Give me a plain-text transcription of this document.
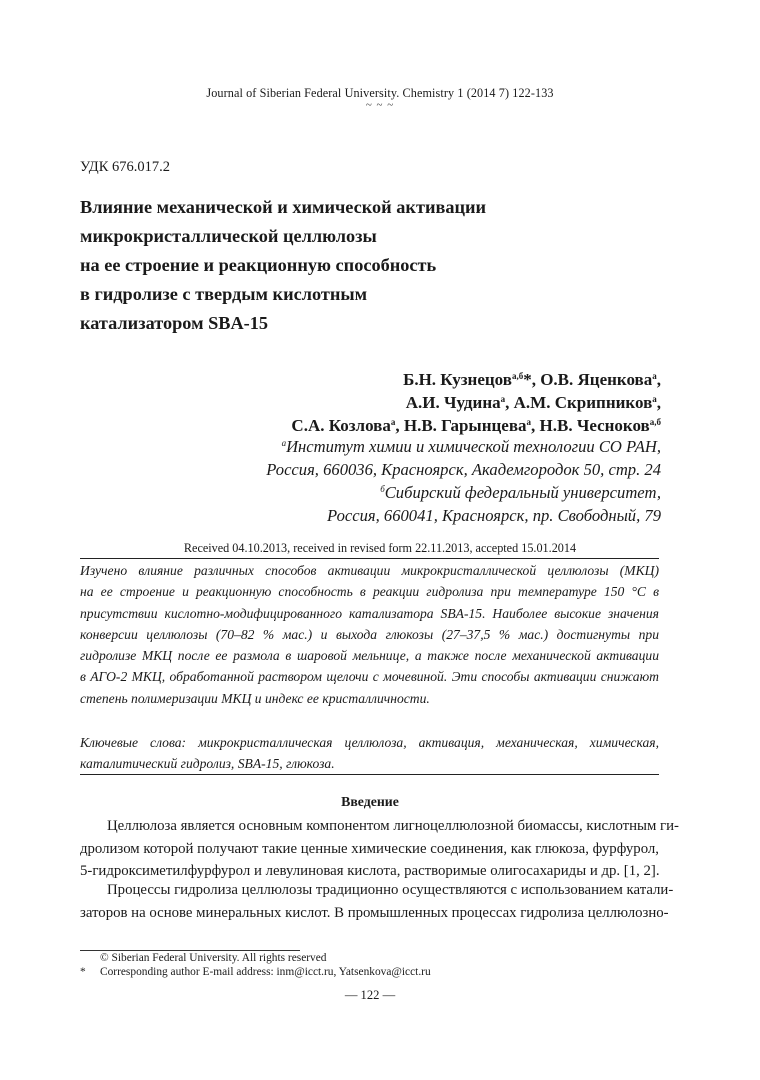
Journal of Siberian Federal University. Chemistry 1 (2014 7) 122-133
~ ~ ~
УДК 676.017.2
Влияние механической и химической активации
микрокристаллической целлюлозы
на ее строение и реакционную способность
в гидролизе с твердым кислотным
катализатором SBA-15
Б.Н. Кузнецов$^{а,б}$*, О.В. Яценкова$^а$,
А.И. Чудина$^а$, А.М. Скрипников$^а$,
С.А. Козлова$^а$, Н.В. Гарынцева$^а$, Н.В. Чесноков$^{а,б}$
$^а$Институт химии и химической технологии СО РАН,
Россия, 660036, Красноярск, Академгородок 50, стр. 24
$^б$Сибирский федеральный университет,
Россия, 660041, Красноярск, пр. Свободный, 79
Received 04.10.2013, received in revised form 22.11.2013, accepted 15.01.2014
Изучено влияние различных способов активации микрокристаллической целлюлозы (МКЦ)
на ее строение и реакционную способность в реакции гидролиза при температуре 150 °С в
присутствии кислотно-модифицированного катализатора SBA-15. Наиболее высокие значения
конверсии целлюлозы (70–82 % мас.) и выхода глюкозы (27–37,5 % мас.) достигнуты при
гидролизе МКЦ после ее размола в шаровой мельнице, а также после механической активации
в АГО-2 МКЦ, обработанной раствором щелочи с мочевиной. Эти способы активации снижают
степень полимеризации МКЦ и индекс ее кристалличности.
Ключевые слова: микрокристаллическая целлюлоза, активация, механическая, химическая,
каталитический гидролиз, SBA-15, глюкоза.
Введение
Целлюлоза является основным компонентом лигноцеллюлозной биомассы, кислотным ги-
дролизом которой получают такие ценные химические соединения, как глюкоза, фурфурол,
5-гидроксиметилфурфурол и левулиновая кислота, растворимые олигосахариды и др. [1, 2].
Процессы гидролиза целлюлозы традиционно осуществляются с использованием катали-
заторов на основе минеральных кислот. В промышленных процессах гидролиза целлюлозно-
© Siberian Federal University. All rights reserved
* Corresponding author E-mail address: inm@icct.ru, Yatsenkova@icct.ru
— 122 —
